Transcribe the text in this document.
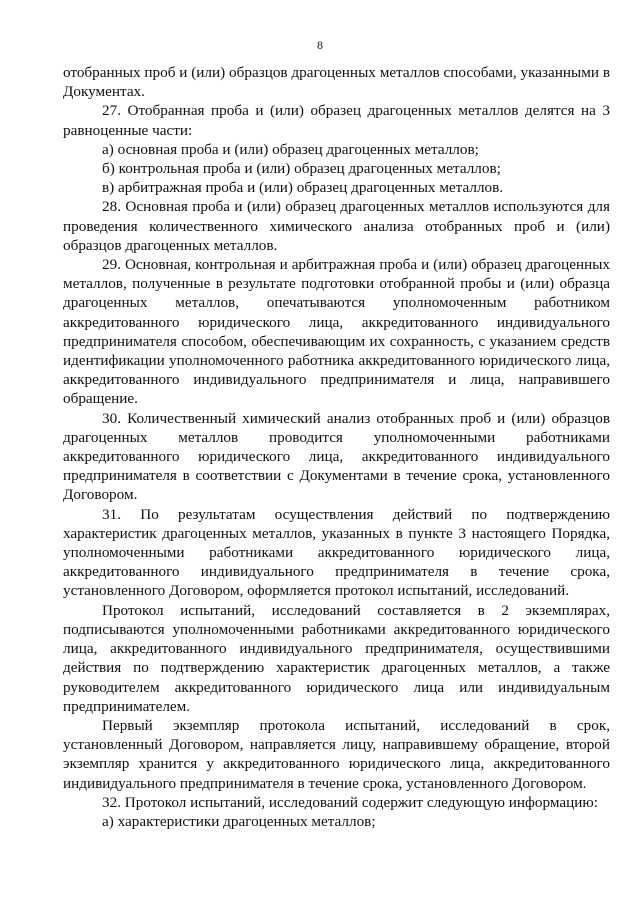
8

отобранных проб и (или) образцов драгоценных металлов способами, указанными в Документах.

27. Отобранная проба и (или) образец драгоценных металлов делятся на 3 равноценные части:

а) основная проба и (или) образец драгоценных металлов;

б) контрольная проба и (или) образец драгоценных металлов;

в) арбитражная проба и (или) образец драгоценных металлов.

28. Основная проба и (или) образец драгоценных металлов используются для проведения количественного химического анализа отобранных проб и (или) образцов драгоценных металлов.

29. Основная, контрольная и арбитражная проба и (или) образец драгоценных металлов, полученные в результате подготовки отобранной пробы и (или) образца драгоценных металлов, опечатываются уполномоченным работником аккредитованного юридического лица, аккредитованного индивидуального предпринимателя способом, обеспечивающим их сохранность, с указанием средств идентификации уполномоченного работника аккредитованного юридического лица, аккредитованного индивидуального предпринимателя и лица, направившего обращение.

30. Количественный химический анализ отобранных проб и (или) образцов драгоценных металлов проводится уполномоченными работниками аккредитованного юридического лица, аккредитованного индивидуального предпринимателя в соответствии с Документами в течение срока, установленного Договором.

31. По результатам осуществления действий по подтверждению характеристик драгоценных металлов, указанных в пункте 3 настоящего Порядка, уполномоченными работниками аккредитованного юридического лица, аккредитованного индивидуального предпринимателя в течение срока, установленного Договором, оформляется протокол испытаний, исследований.

Протокол испытаний, исследований составляется в 2 экземплярах, подписываются уполномоченными работниками аккредитованного юридического лица, аккредитованного индивидуального предпринимателя, осуществившими действия по подтверждению характеристик драгоценных металлов, а также руководителем аккредитованного юридического лица или индивидуальным предпринимателем.

Первый экземпляр протокола испытаний, исследований в срок, установленный Договором, направляется лицу, направившему обращение, второй экземпляр хранится у аккредитованного юридического лица, аккредитованного индивидуального предпринимателя в течение срока, установленного Договором.

32. Протокол испытаний, исследований содержит следующую информацию:

а) характеристики драгоценных металлов;
